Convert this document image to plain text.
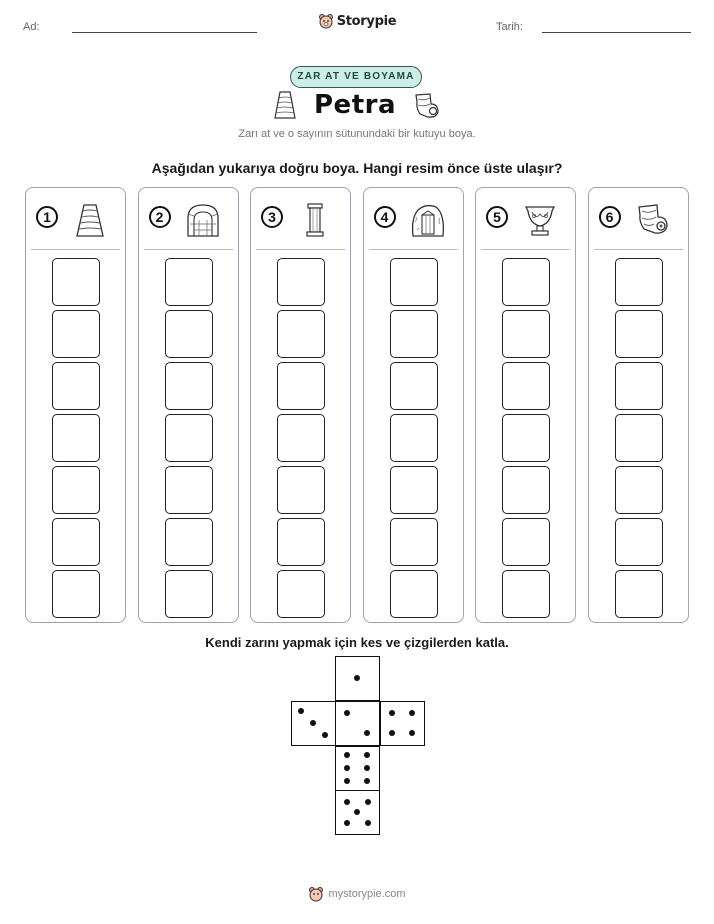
Ad:	Tarih:
Storypie
ZAR AT VE BOYAMA
Petra
Zarı at ve o sayının sütunundaki bir kutuyu boya.
Aşağıdan yukarıya doğru boya. Hangi resim önce üste ulaşır?
1	2	3	4	5	6
Kendi zarını yapmak için kes ve çizgilerden katla.
mystorypie.com
